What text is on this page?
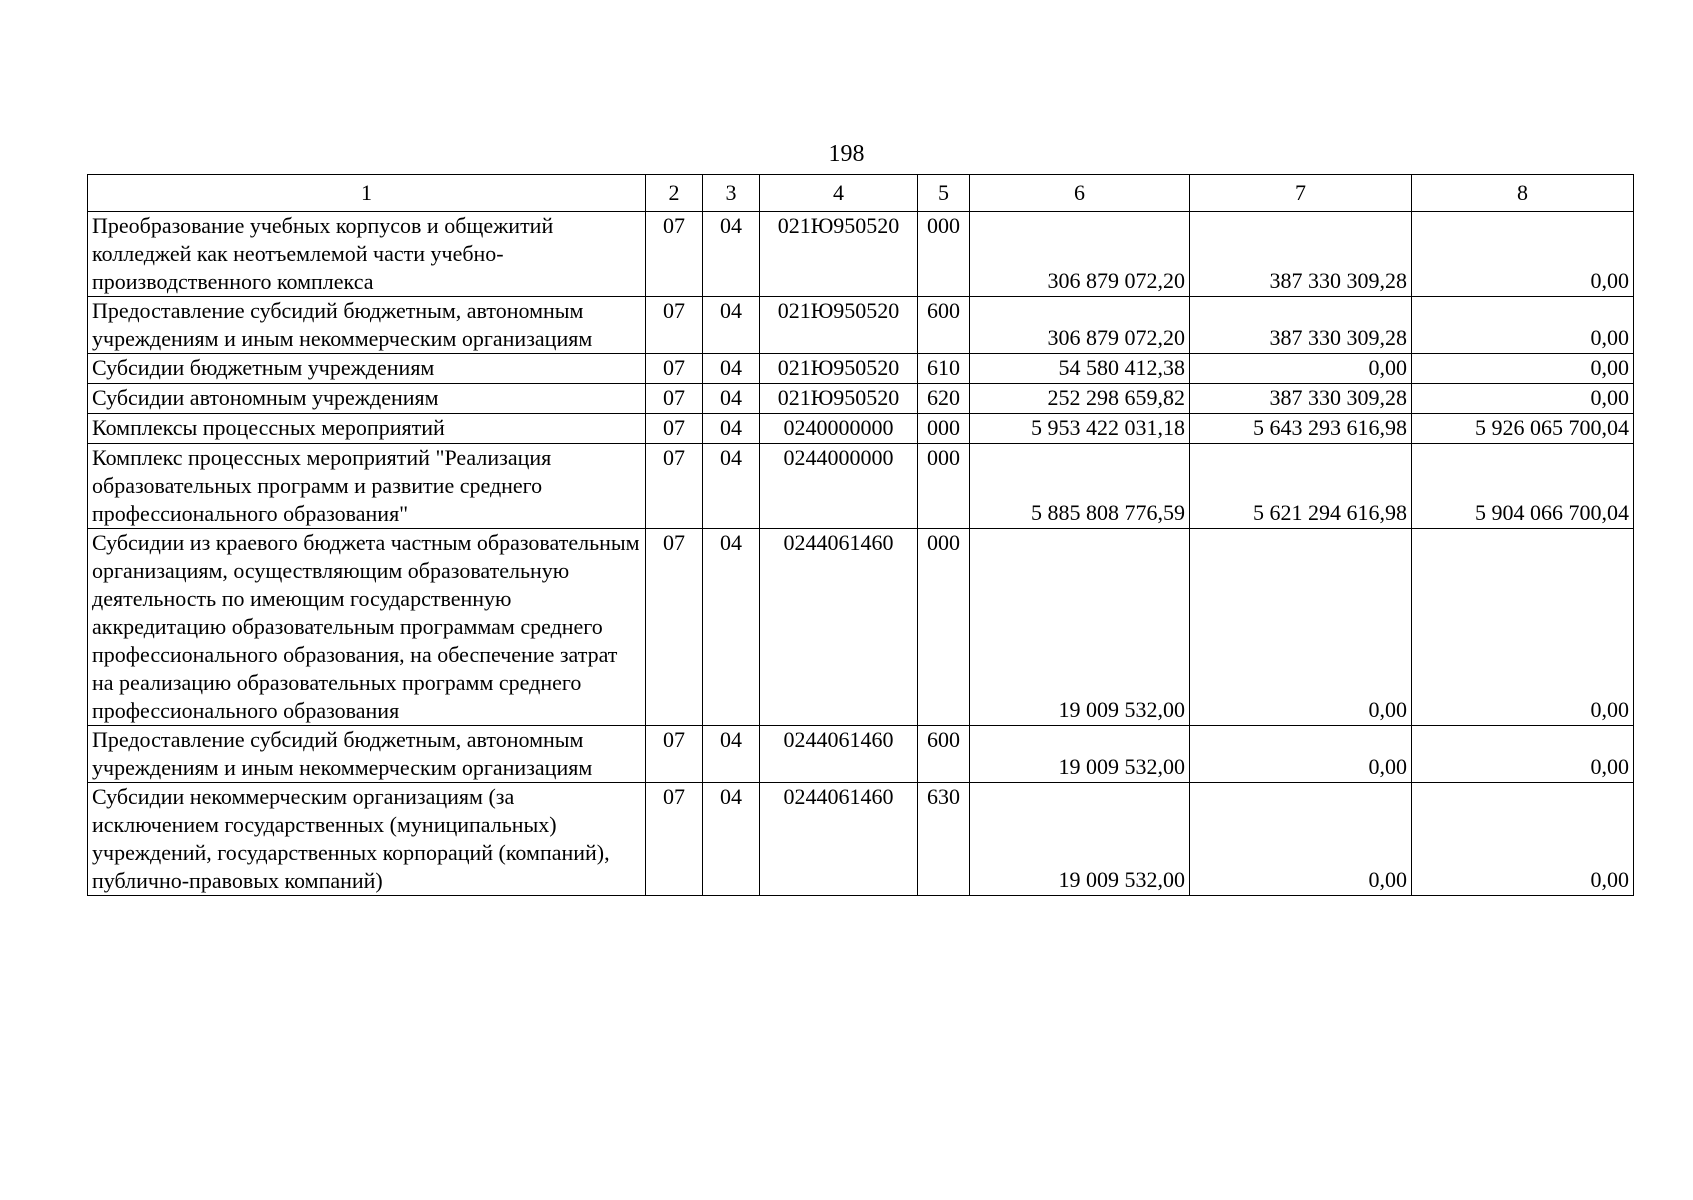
198
1	2	3	4	5	6	7	8
Преобразование учебных корпусов и общежитий колледжей как неотъемлемой части учебно-производственного комплекса	07	04	021Ю950520	000	306 879 072,20	387 330 309,28	0,00
Предоставление субсидий бюджетным, автономным учреждениям и иным некоммерческим организациям	07	04	021Ю950520	600	306 879 072,20	387 330 309,28	0,00
Субсидии бюджетным учреждениям	07	04	021Ю950520	610	54 580 412,38	0,00	0,00
Субсидии автономным учреждениям	07	04	021Ю950520	620	252 298 659,82	387 330 309,28	0,00
Комплексы процессных мероприятий	07	04	0240000000	000	5 953 422 031,18	5 643 293 616,98	5 926 065 700,04
Комплекс процессных мероприятий "Реализация образовательных программ и развитие среднего профессионального образования"	07	04	0244000000	000	5 885 808 776,59	5 621 294 616,98	5 904 066 700,04
Субсидии из краевого бюджета частным образовательным организациям, осуществляющим образовательную деятельность по имеющим государственную аккредитацию образовательным программам среднего профессионального образования, на обеспечение затрат на реализацию образовательных программ среднего профессионального образования	07	04	0244061460	000	19 009 532,00	0,00	0,00
Предоставление субсидий бюджетным, автономным учреждениям и иным некоммерческим организациям	07	04	0244061460	600	19 009 532,00	0,00	0,00
Субсидии некоммерческим организациям (за исключением государственных (муниципальных) учреждений, государственных корпораций (компаний), публично-правовых компаний)	07	04	0244061460	630	19 009 532,00	0,00	0,00
